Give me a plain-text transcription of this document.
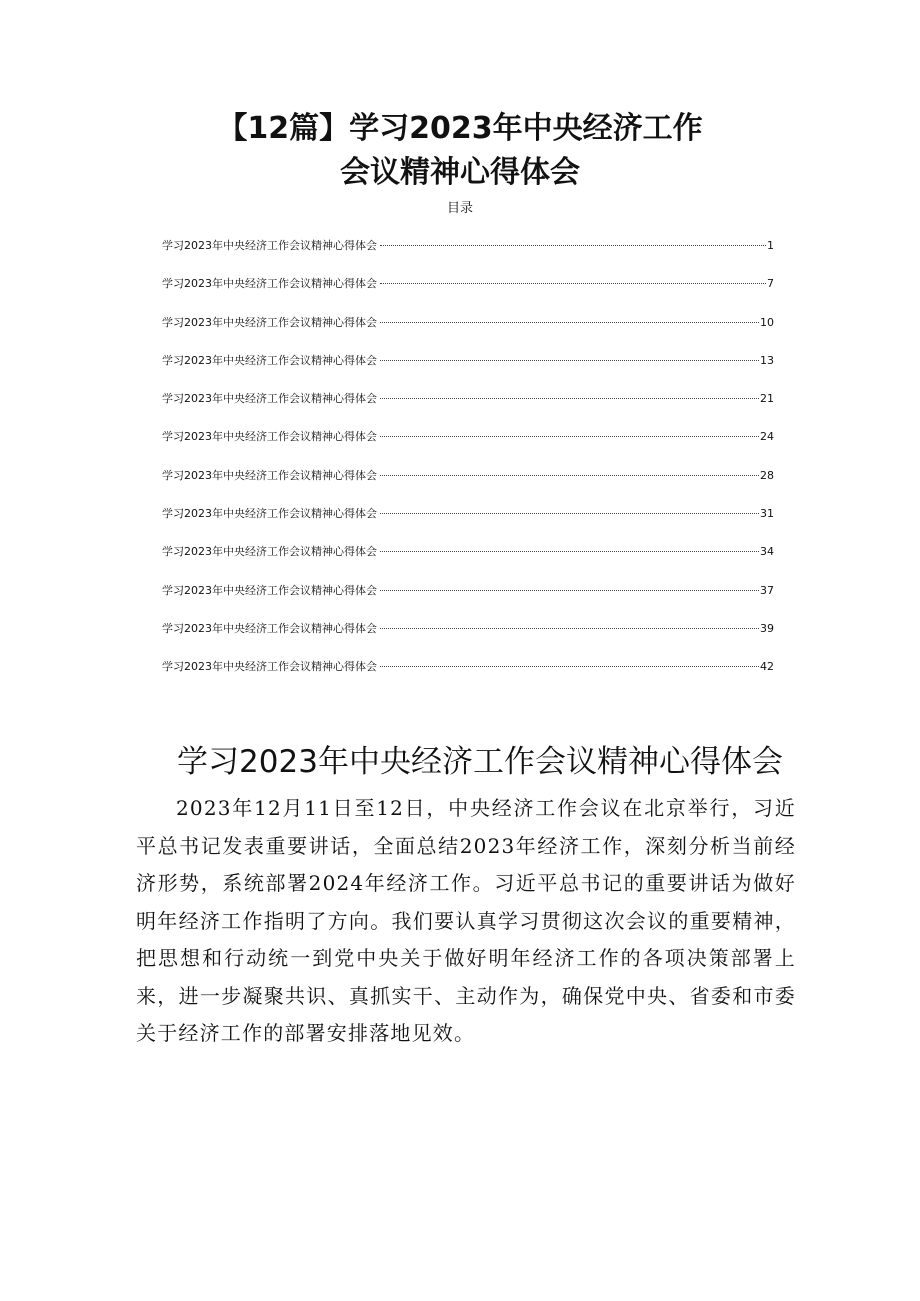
【12篇】学习2023年中央经济工作
会议精神心得体会
目录
学习2023年中央经济工作会议精神心得体会	1
学习2023年中央经济工作会议精神心得体会	7
学习2023年中央经济工作会议精神心得体会	10
学习2023年中央经济工作会议精神心得体会	13
学习2023年中央经济工作会议精神心得体会	21
学习2023年中央经济工作会议精神心得体会	24
学习2023年中央经济工作会议精神心得体会	28
学习2023年中央经济工作会议精神心得体会	31
学习2023年中央经济工作会议精神心得体会	34
学习2023年中央经济工作会议精神心得体会	37
学习2023年中央经济工作会议精神心得体会	39
学习2023年中央经济工作会议精神心得体会	42
学习2023年中央经济工作会议精神心得体会

2023年12月11日至12日，中央经济工作会议在北京举行，习近平总书记发表重要讲话，全面总结2023年经济工作，深刻分析当前经济形势，系统部署2024年经济工作。习近平总书记的重要讲话为做好明年经济工作指明了方向。我们要认真学习贯彻这次会议的重要精神，把思想和行动统一到党中央关于做好明年经济工作的各项决策部署上来，进一步凝聚共识、真抓实干、主动作为，确保党中央、省委和市委关于经济工作的部署安排落地见效。
